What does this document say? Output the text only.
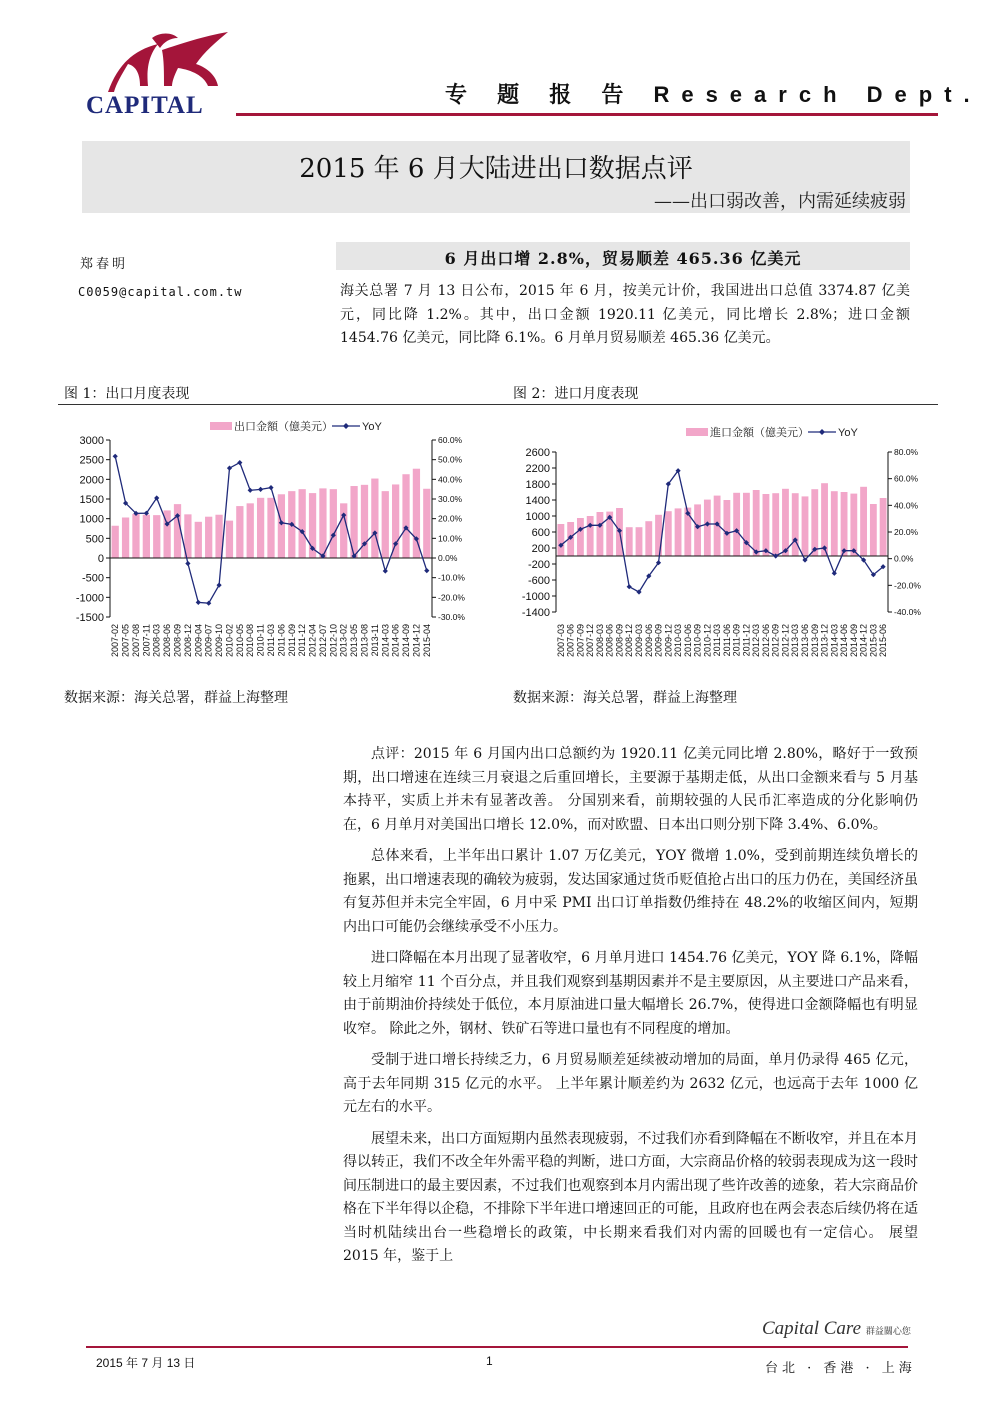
CAPITAL	专 题 报 告 Research Dept.
2015 年 6 月大陆进出口数据点评
——出口弱改善，内需延续疲弱
郑春明
C0059@capital.com.tw
6 月出口增 2.8%，贸易顺差 465.36 亿美元
海关总署 7 月 13 日公布，2015 年 6 月，按美元计价，我国进出口总值 3374.87 亿美元，同比降 1.2%。其中，出口金额 1920.11 亿美元，同比增长 2.8%；进口金额 1454.76 亿美元，同比降 6.1%。6 月单月贸易顺差 465.36 亿美元。
图 1：出口月度表现	图 2：进口月度表现
出口金額（億美元）	YoY
3000
2500
2000
1500
1000
500
0
-500
-1000
-1500
60.0%
50.0%
40.0%
30.0%
20.0%
10.0%
0.0%
-10.0%
-20.0%
-30.0%
2007-02 2007-05 2007-08 2007-11 2008-03 2008-06 2008-09 2008-12 2009-04 2009-07 2009-10 2010-02 2010-05 2010-08 2010-11 2011-03 2011-06 2011-09 2011-12 2012-04 2012-07 2012-10 2013-02 2013-05 2013-08 2013-11 2014-03 2014-06 2014-09 2014-12 2015-04
進口金額（億美元）	YoY
2600
2200
1800
1400
1000
600
200
-200
-600
-1000
-1400
80.0%
60.0%
40.0%
20.0%
0.0%
-20.0%
-40.0%
2007-03 2007-06 2007-09 2007-12 2008-03 2008-06 2008-09 2008-12 2009-03 2009-06 2009-09 2009-12 2010-03 2010-06 2010-09 2010-12 2011-03 2011-06 2011-09 2011-12 2012-03 2012-06 2012-09 2012-12 2013-03 2013-06 2013-09 2013-12 2014-03 2014-06 2014-09 2014-12 2015-03 2015-06
数据来源：海关总署，群益上海整理	数据来源：海关总署，群益上海整理

点评：2015 年 6 月国内出口总额约为 1920.11 亿美元同比增 2.80%，略好于一致预期，出口增速在连续三月衰退之后重回增长，主要源于基期走低，从出口金额来看与 5 月基本持平，实质上并未有显著改善。 分国别来看，前期较强的人民币汇率造成的分化影响仍在，6 月单月对美国出口增长 12.0%，而对欧盟、日本出口则分别下降 3.4%、6.0%。

总体来看，上半年出口累计 1.07 万亿美元，YOY 微增 1.0%，受到前期连续负增长的拖累，出口增速表现的确较为疲弱，发达国家通过货币贬值抢占出口的压力仍在，美国经济虽有复苏但并未完全牢固，6 月中采 PMI 出口订单指数仍维持在 48.2%的收缩区间内，短期内出口可能仍会继续承受不小压力。

进口降幅在本月出现了显著收窄，6 月单月进口 1454.76 亿美元，YOY 降 6.1%，降幅较上月缩窄 11 个百分点，并且我们观察到基期因素并不是主要原因，从主要进口产品来看，由于前期油价持续处于低位，本月原油进口量大幅增长 26.7%，使得进口金额降幅也有明显收窄。 除此之外，钢材、铁矿石等进口量也有不同程度的增加。

受制于进口增长持续乏力，6 月贸易顺差延续被动增加的局面，单月仍录得 465 亿元，高于去年同期 315 亿元的水平。 上半年累计顺差约为 2632 亿元，也远高于去年 1000 亿元左右的水平。

展望未来，出口方面短期内虽然表现疲弱，不过我们亦看到降幅在不断收窄，并且在本月得以转正，我们不改全年外需平稳的判断，进口方面，大宗商品价格的较弱表现成为这一段时间压制进口的最主要因素，不过我们也观察到本月内需出现了些许改善的迹象，若大宗商品价格在下半年得以企稳，不排除下半年进口增速回正的可能，且政府也在两会表态后续仍将在适当时机陆续出台一些稳增长的政策，中长期来看我们对内需的回暖也有一定信心。 展望 2015 年，鉴于上

2015 年 7 月 13 日	1
Capital Care 群益關心您
台北 · 香港 · 上海
